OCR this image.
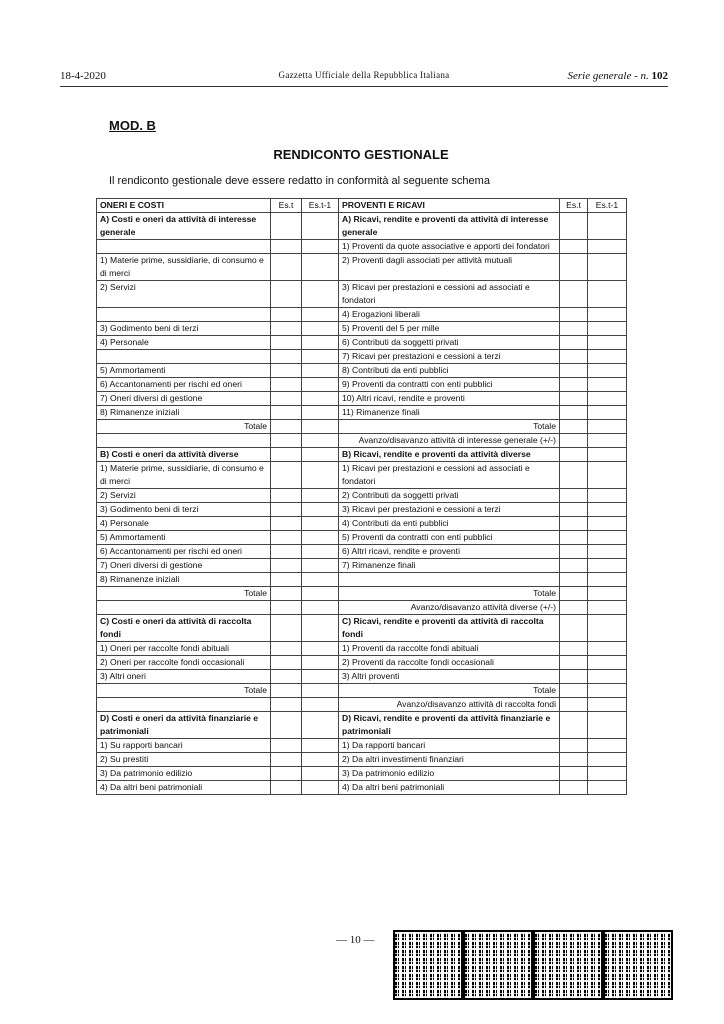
18-4-2020	Gazzetta Ufficiale della Repubblica Italiana	Serie generale - n. 102
MOD. B
RENDICONTO GESTIONALE
Il rendiconto gestionale deve essere redatto in conformità al seguente schema
ONERI E COSTI	Es.t	Es.t-1	PROVENTI E RICAVI	Es.t	Es.t-1
A) Costi e oneri da attività di interesse generale			A) Ricavi, rendite e proventi da attività di interesse generale		
			1) Proventi da quote associative e apporti dei fondatori		
1) Materie prime, sussidiarie, di consumo e di merci			2) Proventi dagli associati per attività mutuali		
2) Servizi			3) Ricavi per prestazioni e cessioni ad associati e fondatori		
			4) Erogazioni liberali		
3) Godimento beni di terzi			5) Proventi del 5 per mille		
4) Personale			6) Contributi da soggetti privati		
			7) Ricavi per prestazioni e cessioni a terzi		
5) Ammortamenti			8) Contributi da enti pubblici		
6) Accantonamenti per rischi ed oneri			9) Proventi da contratti con enti pubblici		
7) Oneri diversi di gestione			10) Altri ricavi, rendite e proventi		
8) Rimanenze iniziali			11) Rimanenze finali		
Totale			Totale		
			Avanzo/disavanzo attività di interesse generale (+/-)		
B) Costi e oneri da attività diverse			B) Ricavi, rendite e proventi da attività diverse		
1) Materie prime, sussidiarie, di consumo e di merci			1) Ricavi per prestazioni e cessioni ad associati e fondatori		
2) Servizi			2) Contributi da soggetti privati		
3) Godimento beni di terzi			3) Ricavi per prestazioni e cessioni a terzi		
4) Personale			4) Contributi da enti pubblici		
5) Ammortamenti			5) Proventi da contratti con enti pubblici		
6) Accantonamenti per rischi ed oneri			6) Altri ricavi, rendite e proventi		
7) Oneri diversi di gestione			7) Rimanenze finali		
8) Rimanenze iniziali					
Totale			Totale		
			Avanzo/disavanzo attività diverse (+/-)		
C) Costi e oneri da attività di raccolta fondi			C) Ricavi, rendite e proventi da attività di raccolta fondi		
1) Oneri per raccolte fondi abituali			1) Proventi da raccolte fondi abituali		
2) Oneri per raccolte fondi occasionali			2) Proventi da raccolte fondi occasionali		
3) Altri oneri			3) Altri proventi		
Totale			Totale		
			Avanzo/disavanzo attività di raccolta fondi		
D) Costi e oneri da attività finanziarie e patrimoniali			D) Ricavi, rendite e proventi da attività finanziarie e patrimoniali		
1) Su rapporti bancari			1) Da rapporti bancari		
2) Su prestiti			2) Da altri investimenti finanziari		
3) Da patrimonio edilizio			3) Da patrimonio edilizio		
4) Da altri beni patrimoniali			4) Da altri beni patrimoniali		
— 10 —
